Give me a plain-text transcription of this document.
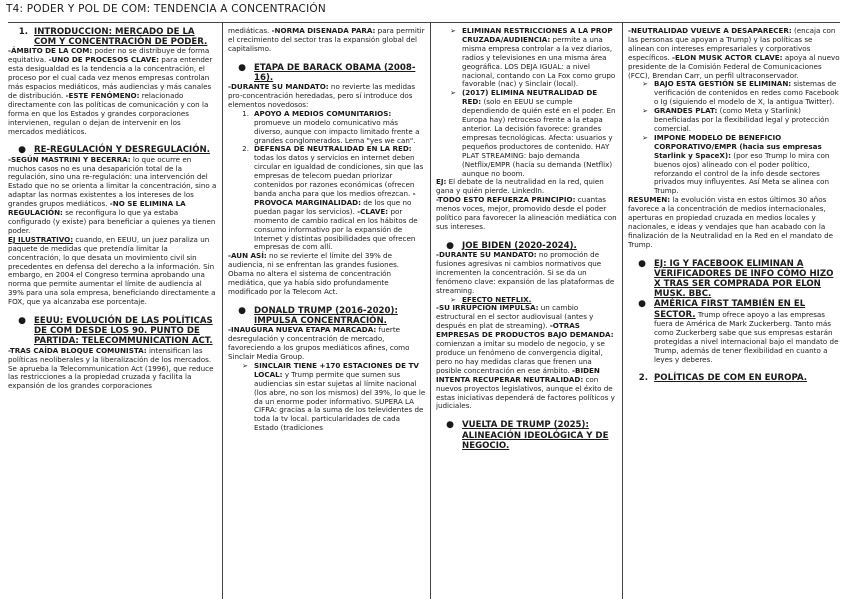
T4: PODER Y POL DE COM: TENDENCIA A CONCENTRACIÓN
1. INTRODUCCIÓN: MERCADO DE LA COM Y CONCENTRACIÓN DE PODER.

-ÁMBITO DE LA COM: poder no se distribuye de forma equitativa. -UNO DE PROCESOS CLAVE: para entender esta desigualdad es la tendencia a la concentración, el proceso por el cual cada vez menos empresas controlan más espacios mediáticos, más audiencias y más canales de distribución. -ESTE FENÓMENO: relacionado directamente con las políticas de comunicación y con la forma en que los Estados y grandes corporaciones intervienen, regulan o dejan de intervenir en los mercados mediáticos.

● RE-REGULACIÓN Y DESREGULACIÓN.

-SEGÚN MASTRINI Y BECERRA: lo que ocurre en muchos casos no es una desaparición total de la regulación, sino una re-regulación: una intervención del Estado que no se orienta a limitar la concentración, sino a adaptar las normas existentes a los intereses de los grandes grupos mediáticos. -NO SE ELIMINA LA REGULACIÓN: se reconfigura lo que ya estaba configurado (y existe) para beneficiar a quienes ya tienen poder.

EJ ILUSTRATIVO: cuando, en EEUU, un juez paraliza un paquete de medidas que pretendía limitar la concentración, lo que desata un movimiento civil sin precedentes en defensa del derecho a la información. Sin embargo, en 2004 el Congreso termina aprobando una norma que permite aumentar el límite de audiencia al 39% para una sola empresa, beneficiando directamente a FOX, que ya alcanzaba ese porcentaje.

● EEUU: EVOLUCIÓN DE LAS POLÍTICAS DE COM DESDE LOS 90. PUNTO DE PARTIDA: TELECOMMUNICATION ACT.

-TRAS CAÍDA BLOQUE COMUNISTA: intensifican las políticas neoliberales y la liberalización de los mercados. Se aprueba la Telecommunication Act (1996), que reduce las restricciones a la propiedad cruzada y facilita la expansión de los grandes corporaciones

mediáticas. -NORMA DISEÑADA PARA: para permitir el crecimiento del sector tras la expansión global del capitalismo.

● ETAPA DE BARACK OBAMA (2008-16).

-DURANTE SU MANDATO: no revierte las medidas pro-concentración heredadas, pero sí introduce dos elementos novedosos:

1. APOYO A MEDIOS COMUNITARIOS: promueve un modelo comunicativo más diverso, aunque con impacto limitado frente a grandes conglomerados. Lema "yes we can".
2. DEFENSA DE NEUTRALIDAD EN LA RED: todas los datos y servicios en internet deben circular en igualdad de condiciones, sin que las empresas de telecom puedan priorizar contenidos por razones económicas (ofrecen banda ancha para que los medios ofrezcan. -PROVOCA MARGINALIDAD: de los que no puedan pagar los servicios). -CLAVE: por momento de cambio radical en los hábitos de consumo informativo por la expansión de Internet y distintas posibilidades que ofrecen empresas de com allí.

-AUN ASÍ: no se revierte el límite del 39% de audiencia, ni se enfrentan las grandes fusiones. Obama no altera el sistema de concentración mediática, que ya había sido profundamente modificado por la Telecom Act.

● DONALD TRUMP (2016-2020): IMPULSA CONCENTRACIÓN.

-INAUGURA NUEVA ETAPA MARCADA: fuerte desregulación y concentración de mercado, favoreciendo a los grupos mediáticos afines, como Sinclair Media Group.

➢ SINCLAIR TIENE +170 ESTACIONES DE TV LOCAL: y Trump permite que sumen sus audiencias sin estar sujetas al límite nacional (los abre, no son los mismos) del 39%, lo que le da un enorme poder informativo. SUPERA LA CIFRA: gracias a la suma de los televidentes de toda la tv local. particularidades de cada Estado (tradiciones
➢ ELIMINAN RESTRICCIONES A LA PROP CRUZADA/AUDIENCIA: permite a una misma empresa controlar a la vez diarios, radios y televisiones en una misma área geográfica. LOS DEJA IGUAL: a nivel nacional, contando con La Fox como grupo favorable (nac) y Sinclair (local).
➢ (2017) ELIMINA NEUTRALIDAD DE RED: (solo en EEUU se cumple dependiendo de quién esté en el poder. En Europa hay) retroceso frente a la etapa anterior. La decisión favorece: grandes empresas tecnológicas. Afecta: usuarios y pequeños productores de contenido. HAY PLAT STREAMING: bajo demanda (Netflix/EMPR (hacia su demanda (Netflix) aunque no boom.

EJ: El debate de la neutralidad en la red, quien gana y quién pierde. LinkedIn.

-TODO ESTO REFUERZA PRINCIPIO: cuantas menos voces, mejor, promovido desde el poder político para favorecer la alineación mediática con sus intereses.

● JOE BIDEN (2020-2024).

-DURANTE SU MANDATO: no promoción de fusiones agresivas ni cambios normativos que incrementen la concentración. Si se da un fenómeno clave: expansión de las plataformas de streaming.

➢ EFECTO NETFLIX.

-SU IRRUPCIÓN IMPULSA: un cambio estructural en el sector audiovisual (antes y después en plat de streaming). -OTRAS EMPRESAS DE PRODUCTOS BAJO DEMANDA: comienzan a imitar su modelo de negocio, y se produce un fenómeno de convergencia digital, pero no hay medidas claras que frenen una posible concentración en ese ámbito. -BIDEN INTENTA RECUPERAR NEUTRALIDAD: con nuevos proyectos legislativos, aunque el éxito de estas iniciativas dependerá de factores políticos y judiciales.

● VUELTA DE TRUMP (2025): ALINEACIÓN IDEOLÓGICA Y DE NEGOCIO.

-NEUTRALIDAD VUELVE A DESAPARECER: (encaja con las personas que apoyan a Trump) y las políticas se alinean con intereses empresariales y corporativos específicos. -ELON MUSK ACTOR CLAVE: apoya al nuevo presidente de la Comisión Federal de Comunicaciones (FCC), Brendan Carr, un perfil ultraconservador.

➢ BAJO ESTA GESTIÓN SE ELIMINAN: sistemas de verificación de contenidos en redes como Facebook o Ig (siguiendo el modelo de X, la antigua Twitter).
➢ GRANDES PLAT: (como Meta y Starlink) beneficiadas por la flexibilidad legal y protección comercial.
➢ IMPONE MODELO DE BENEFICIO CORPORATIVO/EMPR (hacia sus empresas Starlink y SpaceX): (por eso Trump lo mira con buenos ojos) alineado con el poder político, reforzando el control de la info desde sectores privados muy influyentes. Así Meta se alinea con Trump.

RESUMEN: la evolución vista en estos últimos 30 años favorece a la concentración de medios internacionales, aperturas en propiedad cruzada en medios locales y nacionales, e ideas y vendajes que han acabado con la finalización de la Neutralidad en la Red en el mandato de Trump.

● EJ: IG Y FACEBOOK ELIMINAN A VERIFICADORES DE INFO CÓMO HIZO X TRAS SER COMPRADA POR ELON MUSK. BBC.
● AMÉRICA FIRST TAMBIÉN EN EL SECTOR. Trump ofrece apoyo a las empresas fuera de América de Mark Zuckerberg. Tanto más como Zuckerberg sabe que sus empresas estarán protegidas a nivel internacional bajo el mandato de Trump, además de tener flexibilidad en cuanto a leyes y deberes.
2. POLÍTICAS DE COM EN EUROPA.
